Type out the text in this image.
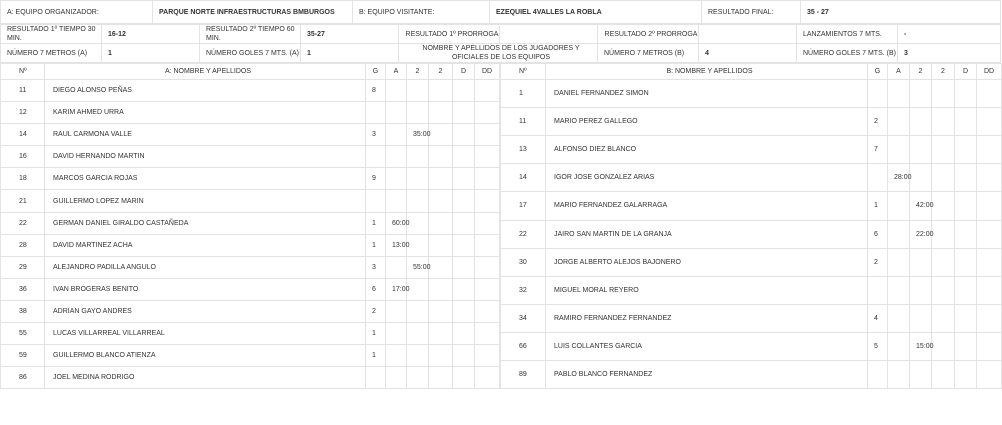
A: EQUIPO ORGANIZADOR:	PARQUE NORTE INFRAESTRUCTURAS BMBURGOS	B: EQUIPO VISITANTE:	EZEQUIEL 4VALLES LA ROBLA	RESULTADO FINAL:	35 - 27
RESULTADO 1º TIEMPO 30 MIN.	16-12	RESULTADO 2º TIEMPO 60 MIN.	35-27	RESULTADO 1º PRORROGA		RESULTADO 2º PRORROGA		LANZAMIENTOS 7 MTS.	-
NÚMERO 7 METROS (A)	1	NÚMERO GOLES 7 MTS. (A)	1	NOMBRE Y APELLIDOS DE LOS JUGADORES Y OFICIALES DE LOS EQUIPOS		NÚMERO 7 METROS (B)	4	NÚMERO GOLES 7 MTS. (B)	3
Nº	A: NOMBRE Y APELLIDOS	G	A	2	2	D	DD
11	DIEGO ALONSO PEÑAS	8					
12	KARIM AHMED URRA						
14	RAUL CARMONA VALLE	3		35:00			
16	DAVID HERNANDO MARTIN						
18	MARCOS GARCIA ROJAS	9					
21	GUILLERMO LOPEZ MARIN						
22	GERMAN DANIEL GIRALDO CASTAÑEDA	1	60:00				
28	DAVID MARTINEZ ACHA	1	13:00				
29	ALEJANDRO PADILLA ANGULO	3		55:00			
36	IVAN BROGERAS BENITO	6	17:00				
38	ADRIAN GAYO ANDRES	2					
55	LUCAS VILLARREAL VILLARREAL	1					
59	GUILLERMO BLANCO ATIENZA	1					
86	JOEL MEDINA RODRIGO						
Nº	B: NOMBRE Y APELLIDOS	G	A	2	2	D	DD
1	DANIEL FERNANDEZ SIMON						
11	MARIO PEREZ GALLEGO	2					
13	ALFONSO DIEZ BLANCO	7					
14	IGOR JOSE GONZALEZ ARIAS		28:00				
17	MARIO FERNANDEZ GALARRAGA	1		42:00			
22	JAIRO SAN MARTIN DE LA GRANJA	6		22:00			
30	JORGE ALBERTO ALEJOS BAJONERO	2					
32	MIGUEL MORAL REYERO						
34	RAMIRO FERNANDEZ FERNANDEZ	4					
66	LUIS COLLANTES GARCIA	5		15:00			
89	PABLO BLANCO FERNANDEZ						
